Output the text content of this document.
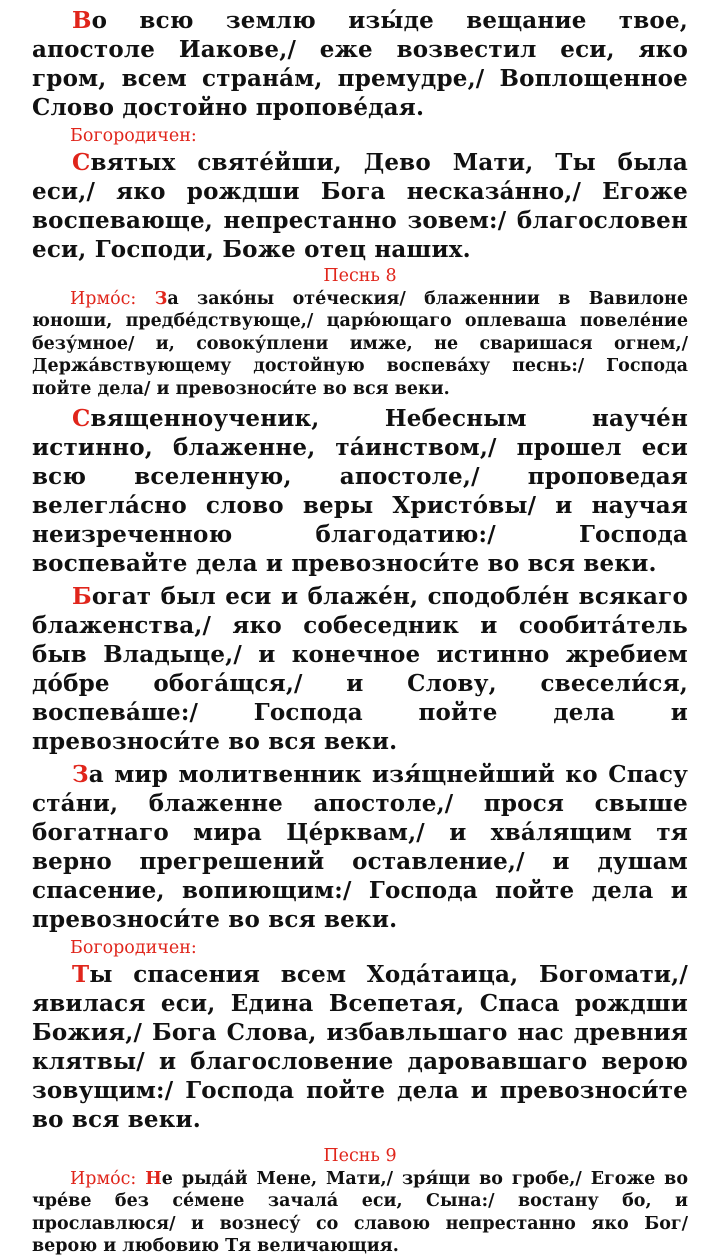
Во всю землю изы́де вещание твое, апостоле Иакове,/ еже возвестил еси, яко гром, всем страна́м, премудре,/ Воплощенное Слово достойно пропове́дая.

Богородичен:

Святых святе́йши, Дево Мати, Ты была еси,/ яко рождши Бога несказа́нно,/ Егоже воспевающе, непрестанно зовем:/ благословен еси, Господи, Боже отец наших.

Песнь 8

Ирмо́с: За зако́ны оте́ческия/ блаженнии в Вавилоне юноши, предбе́дствующе,/ царю́ющаго оплеваша повеле́ние безу́мное/ и, совоку́плени имже, не сваришася огнем,/ Держа́вствующему достойную воспева́ху песнь:/ Господа пойте дела/ и превозноси́те во вся веки.

Священноученик, Небесным научéн истинно, блаженне, та́инством,/ прошел еси всю вселенную, апостоле,/ проповедая велегла́сно слово веры Христо́вы/ и научая неизреченною благодатию:/ Господа воспевайте дела и превозноси́те во вся веки.

Богат был еси и блажéн, сподоблéн всякаго блаженства,/ яко собеседник и сообита́тель быв Владыце,/ и конечное истинно жребием до́бре обога́щся,/ и Слову, свесели́ся, воспева́ше:/ Господа пойте дела и превозноси́те во вся веки.

За мир молитвенник изя́щнейший ко Спасу ста́ни, блаженне апостоле,/ прося свыше богатнаго мира Це́рквам,/ и хва́лящим тя верно прегрешений оставление,/ и душам спасение, вопиющим:/ Господа пойте дела и превозноси́те во вся веки.

Богородичен:

Ты спасения всем Хода́таица, Богомати,/ явилася еси, Едина Всепетая, Спаса рождши Божия,/ Бога Слова, избавльшаго нас древния клятвы/ и благословение даровавшаго верою зовущим:/ Господа пойте дела и превозноси́те во вся веки.

Песнь 9

Ирмо́с: Не рыда́й Мене, Мати,/ зря́щи во гробе,/ Егоже во чре́ве без се́мене зачала́ еси, Сына:/ востану бо, и прославлюся/ и вознесу́ со славою непрестанно яко Бог/ верою и любовию Тя величающия.
